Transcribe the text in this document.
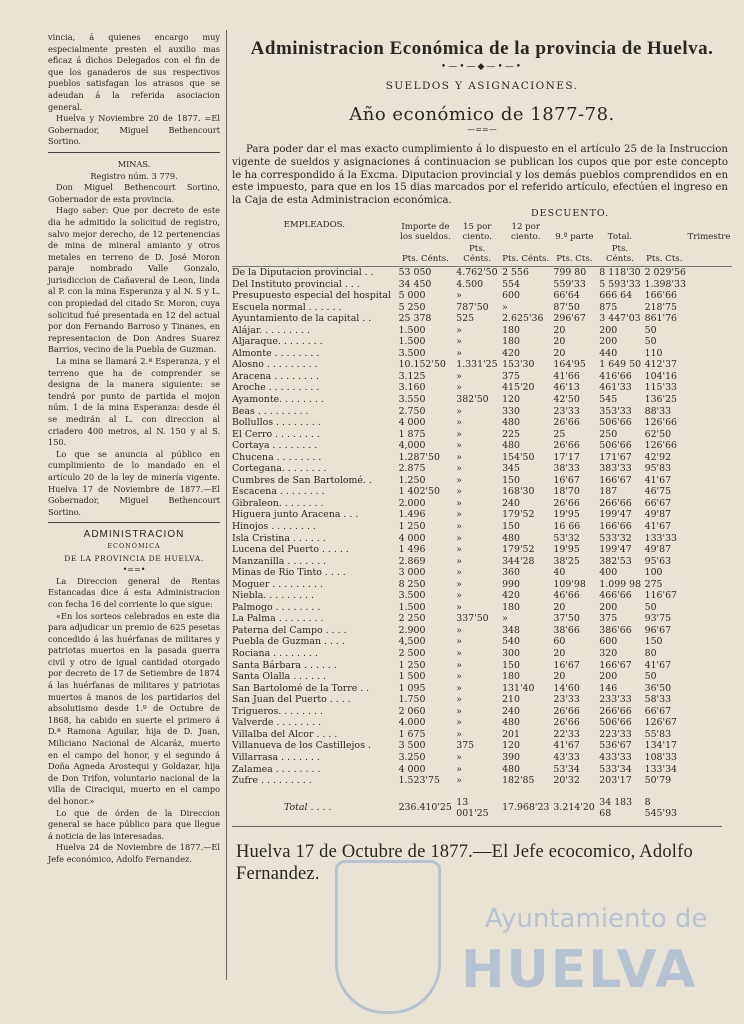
vincia, á quienes encargo muy especialmente presten el auxilio mas eficaz á dichos Delegados con el fin de que los ganaderos de sus respectivos pueblos satisfagan los atrasos que se adeudan á la referida asociacion general.

Huelva y Noviembre 20 de 1877. =El Gobernador, Miguel Bethencourt Sortino.

MINAS.

Registro núm. 3 779.

Don Miguel Bethencourt Sortino, Gobernador de esta provincia.

Hago saber: Que por decreto de este dia he admitido la solicitud de registro, salvo mejor derecho, de 12 pertenencias de mina de mineral amianto y otros metales en terreno de D. José Moron paraje nombrado Valle Gonzalo, jurisdiccion de Cañaveral de Leon, linda al P. con la mina Esperanza y al N. S y L. con propiedad del citado Sr. Moron, cuya solicitud fué presentada en 12 del actual por don Fernando Barroso y Tinanes, en representacion de Don Andres Suarez Barrios, vecino de la Puebla de Guzman.

La mina se llamará 2.ª Esperanza, y el terreno que ha de comprender se designa de la manera siguiente: se tendrá por punto de partida el mojon núm. 1 de la mina Esperanza: desde él se medirán al L. con direccion al criadero 400 metros, al N. 150 y al S. 150.

Lo que se anuncia al público en cumplimiento de lo mandado en el artículo 20 de la ley de minería vigente. Huelva 17 de Noviembre de 1877.—El Gobernador, Miguel Bethencourt Sortino.

ADMINISTRACION
ECONÓMICA
DE LA PROVINCIA DE HUELVA.
•==•

La Direccion general de Rentas Estancadas dice á esta Administracion con fecha 16 del corriente lo que sigue:

«En los sorteos celebrados en este dia para adjudicar un premio de 625 pesetas concedido á las huérfanas de militares y patriotas muertos en la pasada guerra civil y otro de igual cantidad otorgado por decreto de 17 de Setiembre de 1874 á las huérfanas de militares y patriotas muertos á manos de los partidarios del absolutismo desde 1.º de Octubre de 1868, ha cabido en suerte el primero á D.ª Ramona Aguilar, hija de D. Juan, Miliciano Nacional de Alcaráz, muerto en el campo del honor, y el segundo á Doña Agneda Arostequi y Goldazar, hija de Don Trifon, voluntario nacional de la villa de Ciraciqui, muerto en el campo del honor.»

Lo que de órden de la Direccion general se hace público para que llegue á noticia de las interesadas.

Huelva 24 de Noviembre de 1877.—El Jefe económico, Adolfo Fernandez.

Administracion Económica de la provincia de Huelva.
•—•—◆—•—•
SUELDOS Y ASIGNACIONES.
Año económico de 1877-78.
—==—

Para poder dar el mas exacto cumplimiento á lo dispuesto en el artículo 25 de la Instruccion vigente de sueldos y asignaciones á continuacion se publican los cupos que por este concepto le ha correspondido á la Excma. Diputacion provincial y los demás pueblos comprendidos en en este impuesto, para que en los 15 dias marcados por el referido artículo, efectúen el ingreso en la Caja de esta Administracion económica.

EMPLEADOS.	Importe de los sueldos.	DESCUENTO.					Trimestre
		15 por ciento.	12 por ciento.	9.ª parte	Total.		
	Pts. Cénts.	Pts. Cénts.	Pts. Cénts.	Pts. Cts.	Pts. Cénts.	Pts. Cts.	
De la Diputacion provincial . .	53 050	4.762'50	2 556	799 80	8 118'30	2 029'56	
Del Instituto provincial . . .	34 450	4.500	554	559'33	5 593'33	1.398'33	
Presupuesto especial del hospital	5 000	»	600	66'64	666 64	166'66	
Escuela normal . . . . . .	5 250	787'50	»	87'50	875	218'75	
Ayuntamiento de la capital . .	25 378	525	2.625'36	296'67	3 447'03	861'76	
Alájar. . . . . . . . .	1.500	»	180	20	200	50	
Aljaraque. . . . . . . .	1.500	»	180	20	200	50	
Almonte . . . . . . . .	3.500	»	420	20	440	110	
Alosno . . . . . . . . .	10.152'50	1.331'25	153'30	164'95	1 649 50	412'37	
Aracena . . . . . . . .	3.125	»	375	41'66	416'66	104'16	
Aroche . . . . . . . . .	3.160	»	415'20	46'13	461'33	115'33	
Ayamonte. . . . . . . .	3.550	382'50	120	42'50	545	136'25	
Beas . . . . . . . . .	2.750	»	330	23'33	353'33	88'33	
Bollullos . . . . . . . .	4 000	»	480	26'66	506'66	126'66	
El Cerro . . . . . . . .	1 875	»	225	25	250	62'50	
Cortaya . . . . . . . .	4,000	»	480	26'66	506'66	126'66	
Chucena . . . . . . . .	1.287'50	»	154'50	17'17	171'67	42'92	
Cortegana. . . . . . . .	2.875	»	345	38'33	383'33	95'83	
Cumbres de San Bartolomé. .	1.250	»	150	16'67	166'67	41'67	
Escacena . . . . . . . .	1 402'50	»	168'30	18'70	187	46'75	
Gibraleon. . . . . . . .	2.000	»	240	26'66	266'66	66'67	
Higuera junto Aracena . . .	1.496	»	179'52	19'95	199'47	49'87	
Hinojos . . . . . . . .	1 250	»	150	16 66	166'66	41'67	
Isla Cristina . . . . . .	4 000	»	480	53'32	533'32	133'33	
Lucena del Puerto . . . . .	1 496	»	179'52	19'95	199'47	49'87	
Manzanilla . . . . . . .	2.869	»	344'28	38'25	382'53	95'63	
Minas de Rio Tinto . . . .	3 000	»	360	40	400	100	
Moguer . . . . . . . . .	8 250	»	990	109'98	1.099 98	275	
Niebla. . . . . . . . .	3.500	»	420	46'66	466'66	116'67	
Palmogo . . . . . . . .	1.500	»	180	20	200	50	
La Palma . . . . . . . .	2 250	337'50	»	37'50	375	93'75	
Paterna del Campo . . . .	2.900	»	348	38'66	386'66	96'67	
Puebla de Guzman . . . .	4,500	»	540	60	600	150	
Rociana . . . . . . . .	2 500	»	300	20	320	80	
Santa Bárbara . . . . . .	1 250	»	150	16'67	166'67	41'67	
Santa Olalla . . . . . .	1 500	»	180	20	200	50	
San Bartolomé de la Torre . .	1 095	»	131'40	14'60	146	36'50	
San Juan del Puerto . . . .	1.750	»	210	23'33	233'33	58'33	
Trigueros. . . . . . . .	2 060	»	240	26'66	266'66	66'67	
Valverde . . . . . . . .	4.000	»	480	26'66	506'66	126'67	
Villalba del Alcor . . . .	1 675	»	201	22'33	223'33	55'83	
Villanueva de los Castillejos .	3 500	375	120	41'67	536'67	134'17	
Villarrasa . . . . . . .	3.250	»	390	43'33	433'33	108'33	
Zalamea . . . . . . . .	4 000	»	480	53'34	533'34	133'34	
Zufre . . . . . . . . .	1.523'75	»	182'85	20'32	203'17	50'79	
Total . . . .	236.410'25	13 001'25	17.968'23	3.214'20	34 183 68	8 545'93	
Huelva 17 de Octubre de 1877.—El Jefe ecocomico, Adolfo Fernandez.
Ayuntamiento de
HUELVA
